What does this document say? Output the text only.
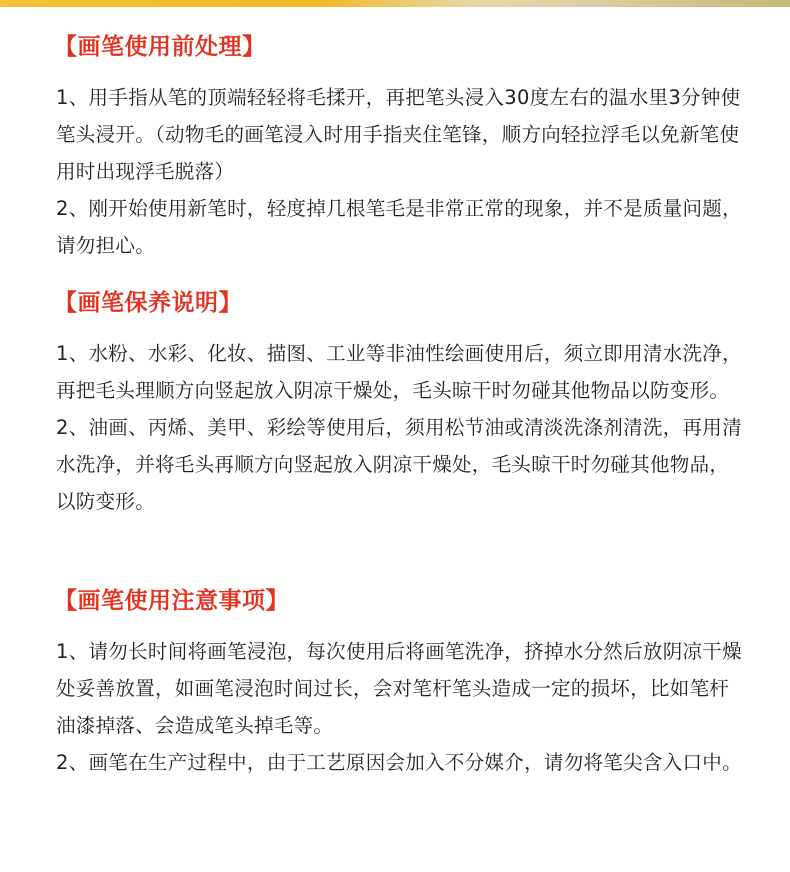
【画笔使用前处理】

1、用手指从笔的顶端轻轻将毛揉开，再把笔头浸入30度左右的温水里3分钟使笔头浸开。（动物毛的画笔浸入时用手指夹住笔锋，顺方向轻拉浮毛以免新笔使用时出现浮毛脱落）

2、刚开始使用新笔时，轻度掉几根笔毛是非常正常的现象，并不是质量问题，请勿担心。

【画笔保养说明】

1、水粉、水彩、化妆、描图、工业等非油性绘画使用后，须立即用清水洗净，再把毛头理顺方向竖起放入阴凉干燥处，毛头晾干时勿碰其他物品以防变形。

2、油画、丙烯、美甲、彩绘等使用后，须用松节油或清淡洗涤剂清洗，再用清水洗净，并将毛头再顺方向竖起放入阴凉干燥处，毛头晾干时勿碰其他物品，以防变形。

【画笔使用注意事项】

1、请勿长时间将画笔浸泡，每次使用后将画笔洗净，挤掉水分然后放阴凉干燥处妥善放置，如画笔浸泡时间过长，会对笔杆笔头造成一定的损坏，比如笔杆油漆掉落、会造成笔头掉毛等。

2、画笔在生产过程中，由于工艺原因会加入不分媒介，请勿将笔尖含入口中。
